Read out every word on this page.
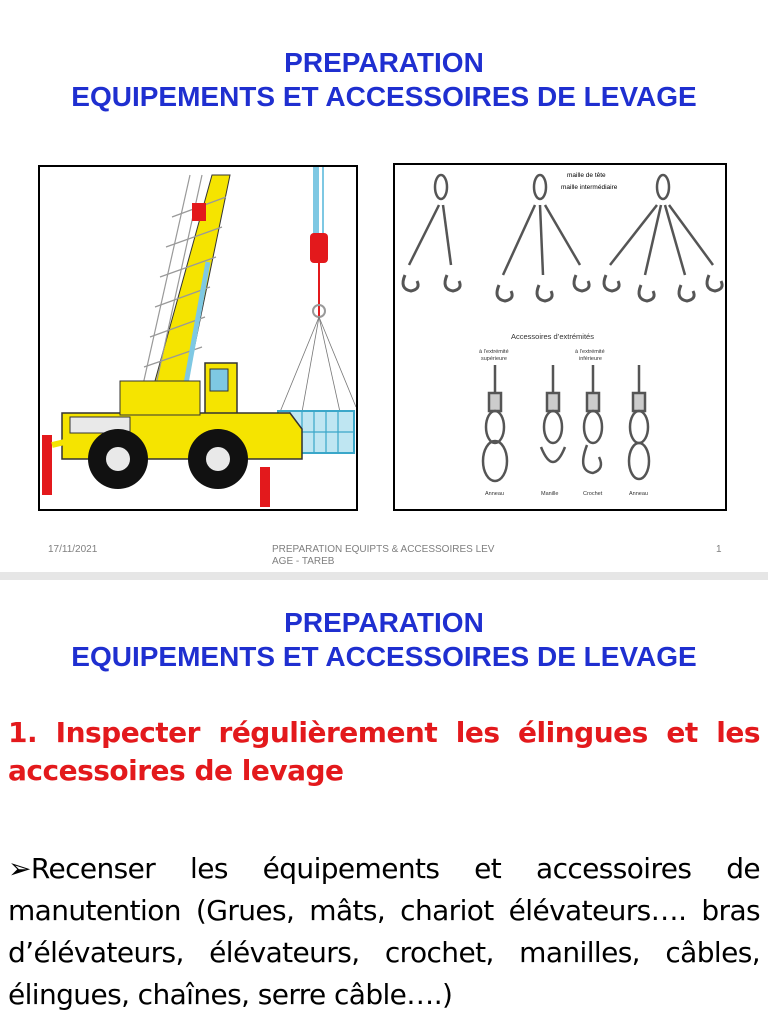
PREPARATION
EQUIPEMENTS ET ACCESSOIRES DE LEVAGE
maille de tête
maille intermédiaire
Accessoires d’extrémités
à l’extrémité
supérieure
à l’extrémité
inférieure
Anneau	Manille	Crochet	Anneau
17/11/2021	PREPARATION EQUIPTS & ACCESSOIRES LEV AGE - TAREB
1
PREPARATION
EQUIPEMENTS ET ACCESSOIRES DE LEVAGE
1. Inspecter régulièrement les élingues et les accessoires de levage
➢Recenser les équipements et accessoires de manutention (Grues, mâts, chariot élévateurs…. bras d’élévateurs, élévateurs, crochet, manilles, câbles, élingues, chaînes, serre câble….)
